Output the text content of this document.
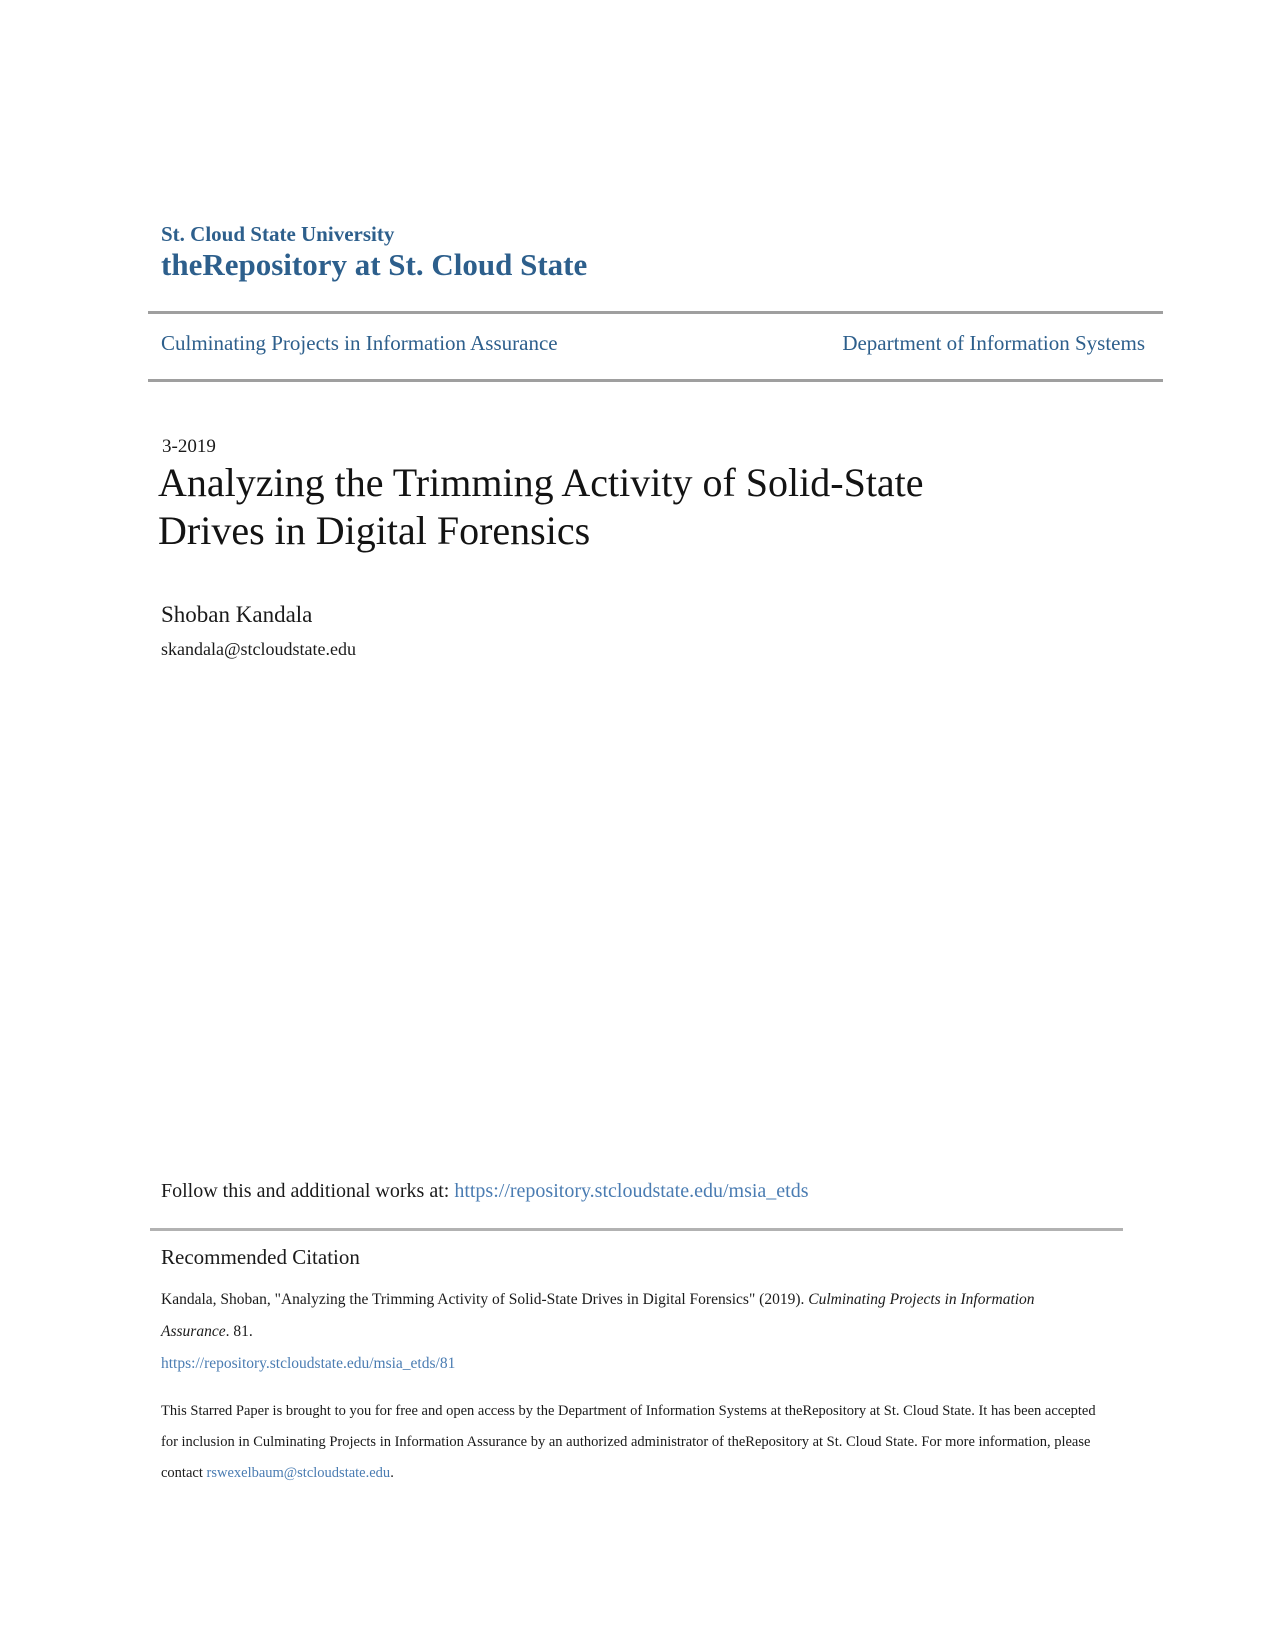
St. Cloud State University
theRepository at St. Cloud State
Culminating Projects in Information Assurance	Department of Information Systems
3-2019
Analyzing the Trimming Activity of Solid-State Drives in Digital Forensics
Shoban Kandala
skandala@stcloudstate.edu
Follow this and additional works at: https://repository.stcloudstate.edu/msia_etds
Recommended Citation
Kandala, Shoban, "Analyzing the Trimming Activity of Solid-State Drives in Digital Forensics" (2019). Culminating Projects in Information Assurance. 81.
https://repository.stcloudstate.edu/msia_etds/81
This Starred Paper is brought to you for free and open access by the Department of Information Systems at theRepository at St. Cloud State. It has been accepted for inclusion in Culminating Projects in Information Assurance by an authorized administrator of theRepository at St. Cloud State. For more information, please contact rswexelbaum@stcloudstate.edu.
